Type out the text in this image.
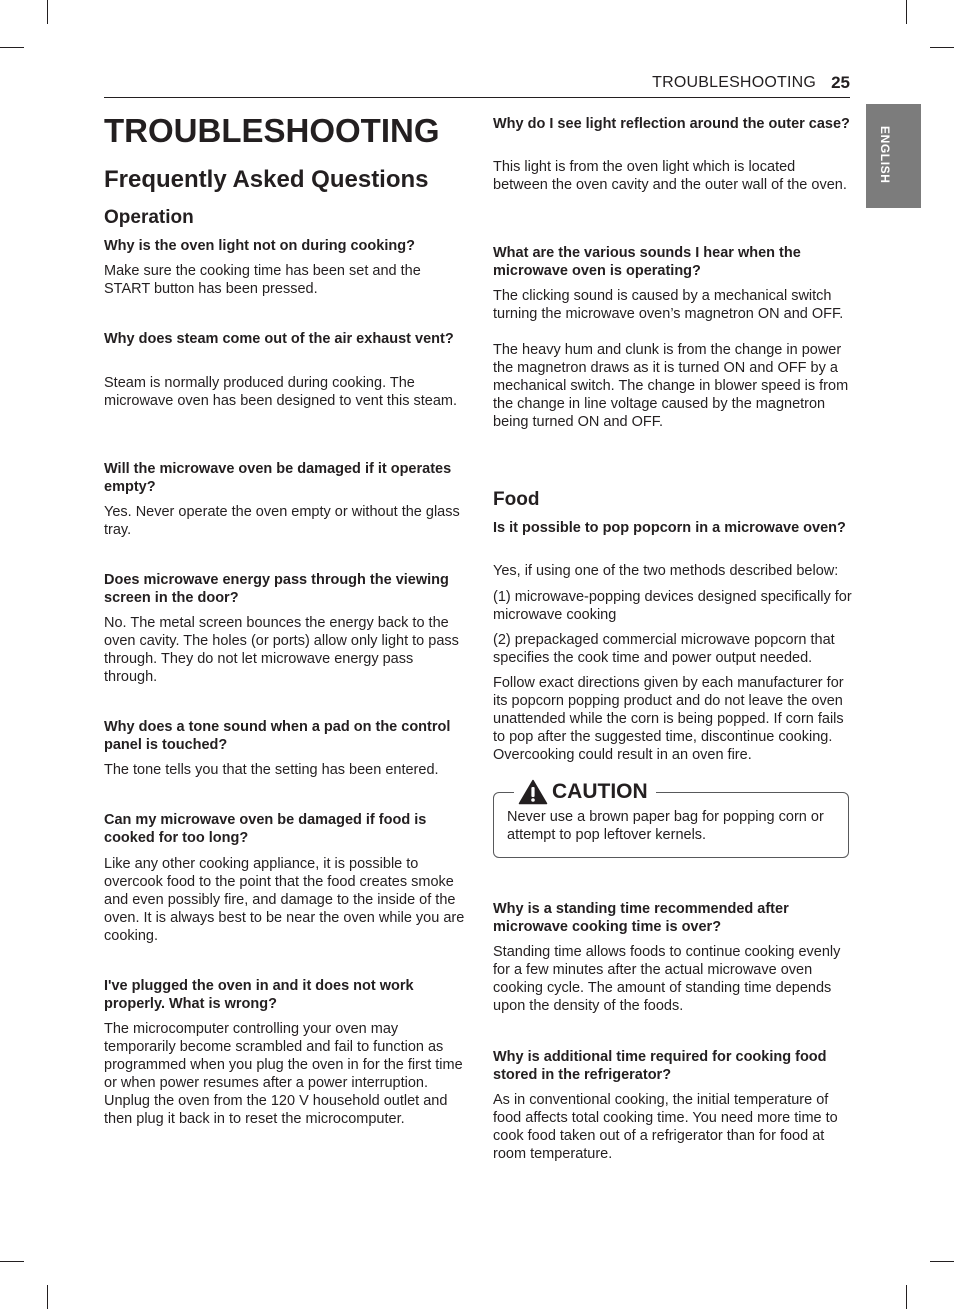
TROUBLESHOOTING 25
ENGLISH
TROUBLESHOOTING
Frequently Asked Questions
Operation

Why is the oven light not on during cooking?

Make sure the cooking time has been set and the START button has been pressed.

Why does steam come out of the air exhaust vent?

Steam is normally produced during cooking. The microwave oven has been designed to vent this steam.

Will the microwave oven be damaged if it operates empty?

Yes. Never operate the oven empty or without the glass tray.

Does microwave energy pass through the viewing screen in the door?

No. The metal screen bounces the energy back to the oven cavity. The holes (or ports) allow only light to pass through. They do not let microwave energy pass through.

Why does a tone sound when a pad on the control panel is touched?

The tone tells you that the setting has been entered.

Can my microwave oven be damaged if food is cooked for too long?

Like any other cooking appliance, it is possible to overcook food to the point that the food creates smoke and even possibly fire, and damage to the inside of the oven. It is always best to be near the oven while you are cooking.

I've plugged the oven in and it does not work properly. What is wrong?

The microcomputer controlling your oven may temporarily become scrambled and fail to function as programmed when you plug the oven in for the first time or when power resumes after a power interruption. Unplug the oven from the 120 V household outlet and then plug it back in to reset the microcomputer.

Why do I see light reflection around the outer case?

This light is from the oven light which is located between the oven cavity and the outer wall of the oven.

What are the various sounds I hear when the microwave oven is operating?

The clicking sound is caused by a mechanical switch turning the microwave oven’s magnetron ON and OFF.

The heavy hum and clunk is from the change in power the magnetron draws as it is turned ON and OFF by a mechanical switch. The change in blower speed is from the change in line voltage caused by the magnetron being turned ON and OFF.

Food

Is it possible to pop popcorn in a microwave oven?

Yes, if using one of the two methods described below:

(1) microwave-popping devices designed specifically for microwave cooking

(2) prepackaged commercial microwave popcorn that specifies the cook time and power output needed.

Follow exact directions given by each manufacturer for its popcorn popping product and do not leave the oven unattended while the corn is being popped. If corn fails to pop after the suggested time, discontinue cooking. Overcooking could result in an oven fire.

CAUTION
Never use a brown paper bag for popping corn or attempt to pop leftover kernels.

Why is a standing time recommended after microwave cooking time is over?

Standing time allows foods to continue cooking evenly for a few minutes after the actual microwave oven cooking cycle. The amount of standing time depends upon the density of the foods.

Why is additional time required for cooking food stored in the refrigerator?

As in conventional cooking, the initial temperature of food affects total cooking time. You need more time to cook food taken out of a refrigerator than for food at room temperature.
